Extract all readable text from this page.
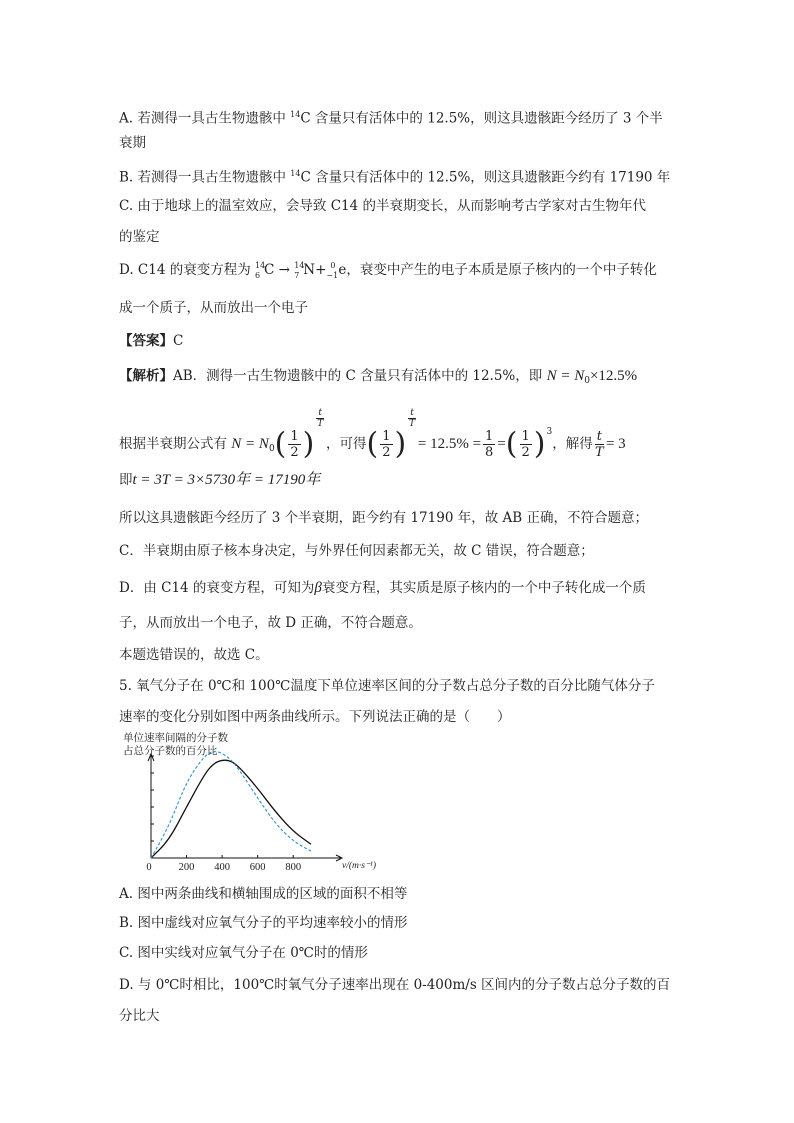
A. 若测得一具古生物遗骸中 $^{14}$C 含量只有活体中的 12.5%，则这具遗骸距今经历了 3 个半
衰期
B. 若测得一具古生物遗骸中 $^{14}$C 含量只有活体中的 12.5%，则这具遗骸距今约有 17190 年
C. 由于地球上的温室效应，会导致 C14 的半衰期变长，从而影响考古学家对古生物年代
的鉴定
D. C14 的衰变方程为 14
6 C → 14
7 N+ 0
−1 e，衰变中产生的电子本质是原子核内的一个中子转化
成一个质子，从而放出一个电子
【答案】C
【解析】AB．测得一古生物遗骸中的 C 含量只有活体中的 12.5%，即 $N = N_0\times 12.5\%$
根据半衰期公式有 $N = N_0( \frac{1}{2}$ )
$\frac{t}{T}$
，可得( $\frac{1}{2}$ )
$\frac{t}{T}$
= $12.5\% = \frac{1}{8}$ =( $\frac{1}{2} )^3$，解得 $\frac{t}{T} = 3$
即t = 3T = 3×5730年 = 17190年
所以这具遗骸距今经历了 3 个半衰期，距今约有 17190 年，故 AB 正确，不符合题意；
C．半衰期由原子核本身决定，与外界任何因素都无关，故 C 错误，符合题意；
D．由 C14 的衰变方程，可知为β衰变方程，其实质是原子核内的一个中子转化成一个质
子，从而放出一个电子，故 D 正确，不符合题意。
本题选错误的，故选 C。
5. 氧气分子在 0℃和 100℃温度下单位速率区间的分子数占总分子数的百分比随气体分子
速率的变化分别如图中两条曲线所示。下列说法正确的是（　　）
单位速率间隔的分子数
占总分子数的百分比
0	200 400 600 800	v/(m·s⁻¹)
A. 图中两条曲线和横轴围成的区域的面积不相等
B. 图中虚线对应氧气分子的平均速率较小的情形
C. 图中实线对应氧气分子在 0℃时的情形
D. 与 0℃时相比，100℃时氧气分子速率出现在 0-400m/s 区间内的分子数占总分子数的百
分比大
